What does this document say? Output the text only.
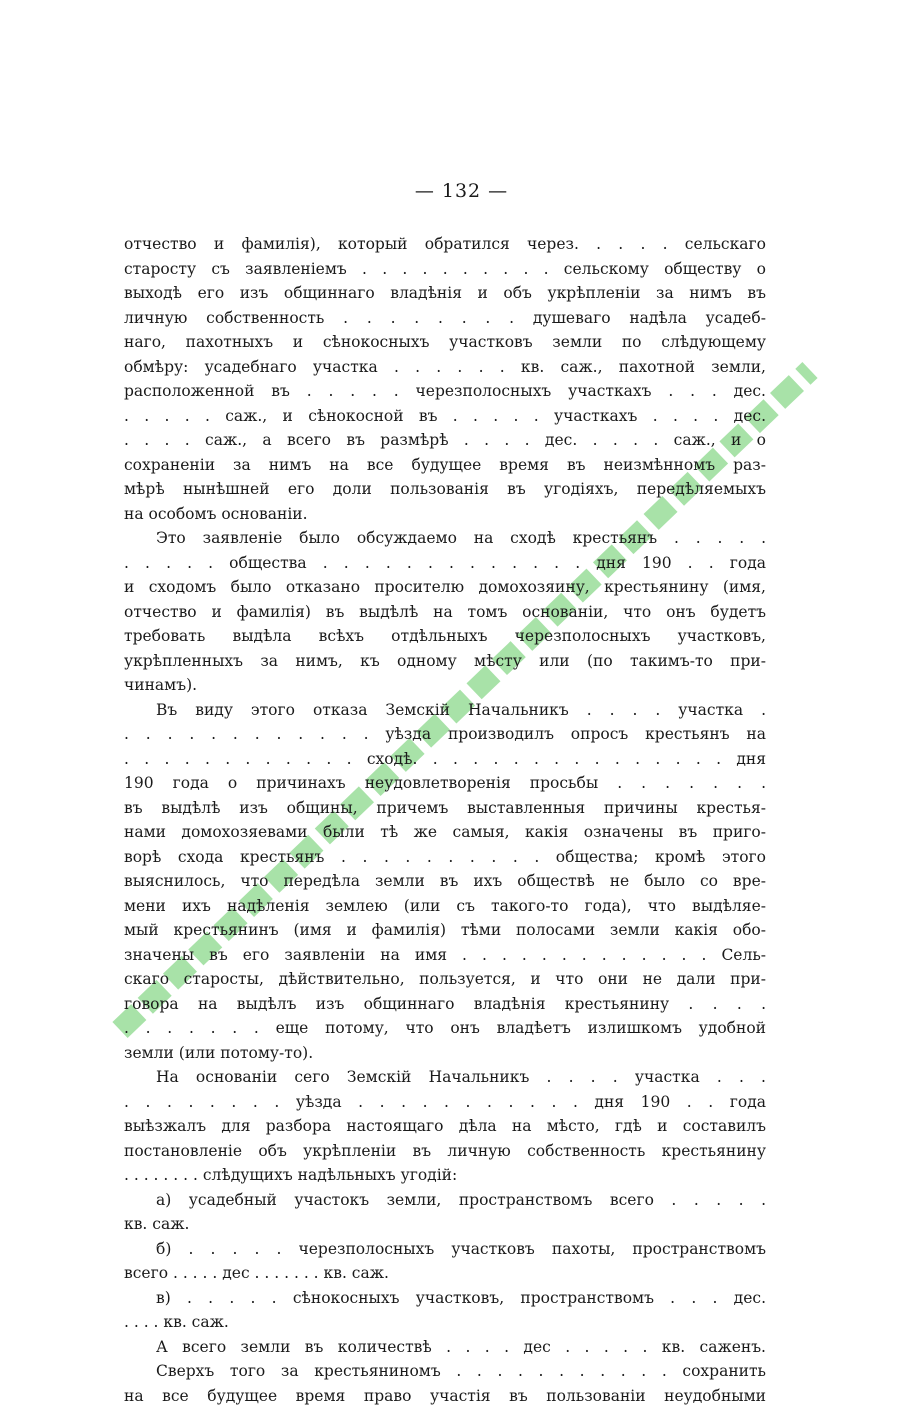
— 132 —
отчество и фамилія), который обратился через. . . . . сельскаго
старосту съ заявленіемъ . . . . . . . . . . сельскому обществу о
выходѣ его изъ общиннаго владѣнія и объ укрѣпленіи за нимъ въ
личную собственность . . . . . . . . душеваго надѣла усадеб-
наго, пахотныхъ и сѣнокосныхъ участковъ земли по слѣдующему
обмѣру: усадебнаго участка . . . . . . кв. саж., пахотной земли,
расположенной въ . . . . . черезполосныхъ участкахъ . . . дес.
. . . . . саж., и сѣнокосной въ . . . . . участкахъ . . . . дес.
. . . . саж., а всего въ размѣрѣ . . . . дес. . . . . саж., и о
сохраненіи за нимъ на все будущее время въ неизмѣнномъ раз-
мѣрѣ нынѣшней его доли пользованія въ угодіяхъ, передѣляемыхъ
на особомъ основаніи.
Это заявленіе было обсуждаемо на сходѣ крестьянъ . . . . .
. . . . . общества . . . . . . . . . . . . . дня 190 . . года
и сходомъ было отказано просителю домохозяину, крестьянину (имя,
отчество и фамилія) въ выдѣлѣ на томъ основаніи, что онъ будетъ
требовать выдѣла всѣхъ отдѣльныхъ черезполосныхъ участковъ,
укрѣпленныхъ за нимъ, къ одному мѣсту или (по такимъ-то при-
чинамъ).
Въ виду этого отказа Земскій Начальникъ . . . . участка .
. . . . . . . . . . . . уѣзда производилъ опросъ крестьянъ на
. . . . . . . . . . . . сходѣ. . . . . . . . . . . . . . . . дня
190 года о причинахъ неудовлетворенія просьбы . . . . . . .
въ выдѣлѣ изъ общины, причемъ выставленныя причины крестья-
нами домохозяевами были тѣ же самыя, какія означены въ приго-
ворѣ схода крестьянъ . . . . . . . . . . общества; кромѣ этого
выяснилось, что передѣла земли въ ихъ обществѣ не было со вре-
мени ихъ надѣленія землею (или съ такого-то года), что выдѣляе-
мый крестьянинъ (имя и фамилія) тѣми полосами земли какія обо-
значены въ его заявленіи на имя . . . . . . . . . . . . . Сель-
скаго старосты, дѣйствительно, пользуется, и что они не дали при-
говора на выдѣлъ изъ общиннаго владѣнія крестьянину . . . .
. . . . . . . еще потому, что онъ владѣетъ излишкомъ удобной
земли (или потому-то).
На основаніи сего Земскій Начальникъ . . . . участка . . .
. . . . . . . . уѣзда . . . . . . . . . . . дня 190 . . года
выѣзжалъ для разбора настоящаго дѣла на мѣсто, гдѣ и составилъ
постановленіе объ укрѣпленіи въ личную собственность крестьянину
. . . . . . . . слѣдущихъ надѣльныхъ угодій:
а) усадебный участокъ земли, пространствомъ всего . . . . .
кв. саж.
б) . . . . . черезполосныхъ участковъ пахоты, пространствомъ
всего . . . . . дес . . . . . . . кв. саж.
в) . . . . . сѣнокосныхъ участковъ, пространствомъ . . . дес.
. . . . кв. саж.
А всего земли въ количествѣ . . . . дес . . . . . кв. саженъ.
Сверхъ того за крестьяниномъ . . . . . . . . . . . сохранить
на все будущее время право участія въ пользованіи неудобными
